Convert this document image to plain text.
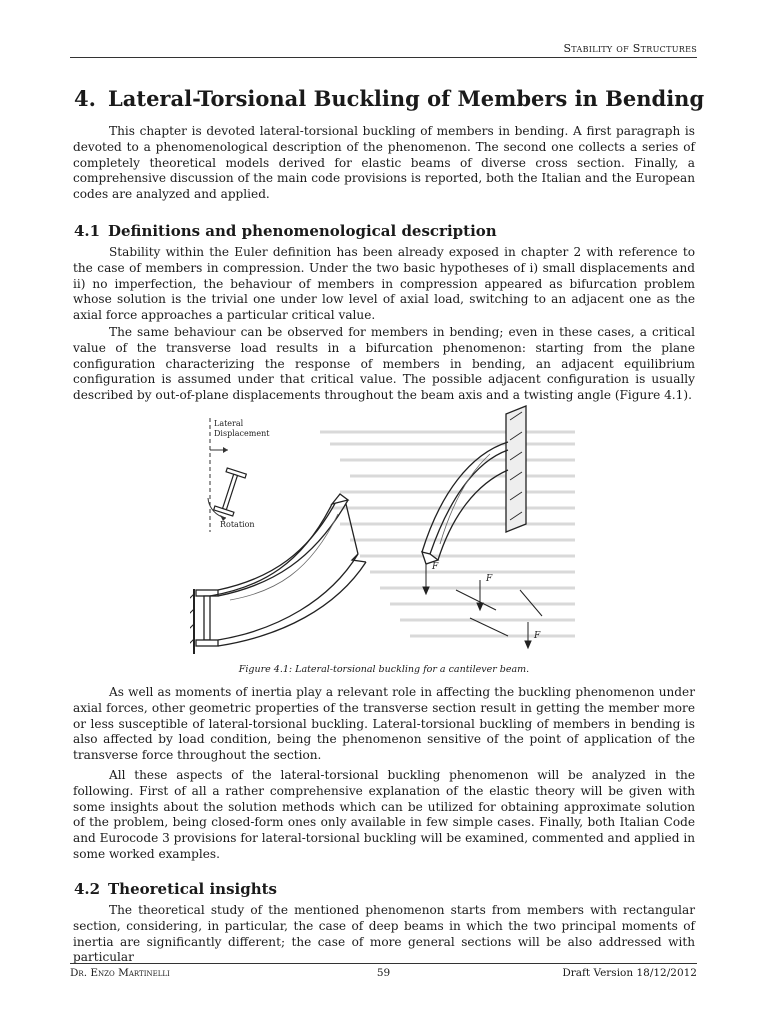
Stability of Structures
4. Lateral-Torsional Buckling of Members in Bending

This chapter is devoted lateral-torsional buckling of members in bending. A first paragraph is devoted to a phenomenological description of the phenomenon. The second one collects a series of completely theoretical models derived for elastic beams of diverse cross section. Finally, a comprehensive discussion of the main code provisions is reported, both the Italian and the European codes are analyzed and applied.

4.1 Definitions and phenomenological description

Stability within the Euler definition has been already exposed in chapter 2 with reference to the case of members in compression. Under the two basic hypotheses of i) small displacements and ii) no imperfection, the behaviour of members in compression appeared as bifurcation problem whose solution is the trivial one under low level of axial load, switching to an adjacent one as the axial force approaches a particular critical value.

The same behaviour can be observed for members in bending; even in these cases, a critical value of the transverse load results in a bifurcation phenomenon: starting from the plane configuration characterizing the response of members in bending, an adjacent equilibrium configuration is assumed under that critical value. The possible adjacent configuration is usually described by out-of-plane displacements throughout the beam axis and a twisting angle (Figure 4.1).

Lateral
Displacement
Rotation
F
F
F
Figure 4.1: Lateral-torsional buckling for a cantilever beam.

As well as moments of inertia play a relevant role in affecting the buckling phenomenon under axial forces, other geometric properties of the transverse section result in getting the member more or less susceptible of lateral-torsional buckling. Lateral-torsional buckling of members in bending is also affected by load condition, being the phenomenon sensitive of the point of application of the transverse force throughout the section.

All these aspects of the lateral-torsional buckling phenomenon will be analyzed in the following. First of all a rather comprehensive explanation of the elastic theory will be given with some insights about the solution methods which can be utilized for obtaining approximate solution of the problem, being closed-form ones only available in few simple cases. Finally, both Italian Code and Eurocode 3 provisions for lateral-torsional buckling will be examined, commented and applied in some worked examples.

4.2 Theoretical insights

The theoretical study of the mentioned phenomenon starts from members with rectangular section, considering, in particular, the case of deep beams in which the two principal moments of inertia are significantly different; the case of more general sections will be also addressed with particular

Dr. Enzo Martinelli	59	Draft Version 18/12/2012
